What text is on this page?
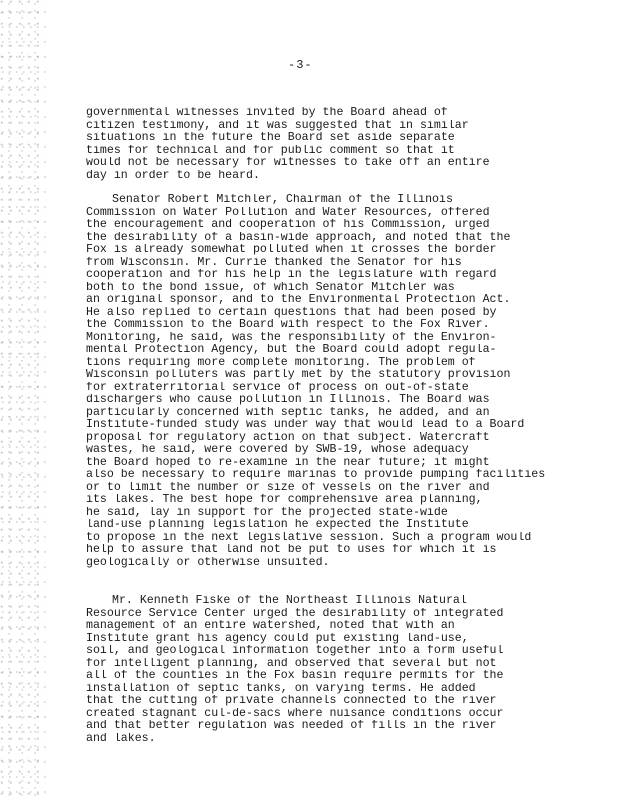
-3-
governmental witnesses invited by the Board ahead of
citizen testimony, and it was suggested that in similar
situations in the future the Board set aside separate
times for technical and for public comment so that it
would not be necessary for witnesses to take off an entire
day in order to be heard.
Senator Robert Mitchler, Chairman of the Illinois
Commission on Water Pollution and Water Resources, offered
the encouragement and cooperation of his Commission, urged
the desirability of a basin-wide approach, and noted that the
Fox is already somewhat polluted when it crosses the border
from Wisconsin. Mr. Currie thanked the Senator for his
cooperation and for his help in the legislature with regard
both to the bond issue, of which Senator Mitchler was
an original sponsor, and to the Environmental Protection Act.
He also replied to certain questions that had been posed by
the Commission to the Board with respect to the Fox River.
Monitoring, he said, was the responsibility of the Environ-
mental Protection Agency, but the Board could adopt regula-
tions requiring more complete monitoring. The problem of
Wisconsin polluters was partly met by the statutory provision
for extraterritorial service of process on out-of-state
dischargers who cause pollution in Illinois. The Board was
particularly concerned with septic tanks, he added, and an
Institute-funded study was under way that would lead to a Board
proposal for regulatory action on that subject. Watercraft
wastes, he said, were covered by SWB-19, whose adequacy
the Board hoped to re-examine in the near future; it might
also be necessary to require marinas to provide pumping facilities
or to limit the number or size of vessels on the river and
its lakes. The best hope for comprehensive area planning,
he said, lay in support for the projected state-wide
land-use planning legislation he expected the Institute
to propose in the next legislative session. Such a program would
help to assure that land not be put to uses for which it is
geologically or otherwise unsuited.
Mr. Kenneth Fiske of the Northeast Illinois Natural
Resource Service Center urged the desirability of integrated
management of an entire watershed, noted that with an
Institute grant his agency could put existing land-use,
soil, and geological information together into a form useful
for intelligent planning, and observed that several but not
all of the counties in the Fox basin require permits for the
installation of septic tanks, on varying terms. He added
that the cutting of private channels connected to the river
created stagnant cul-de-sacs where nuisance conditions occur
and that better regulation was needed of fills in the river
and lakes.
